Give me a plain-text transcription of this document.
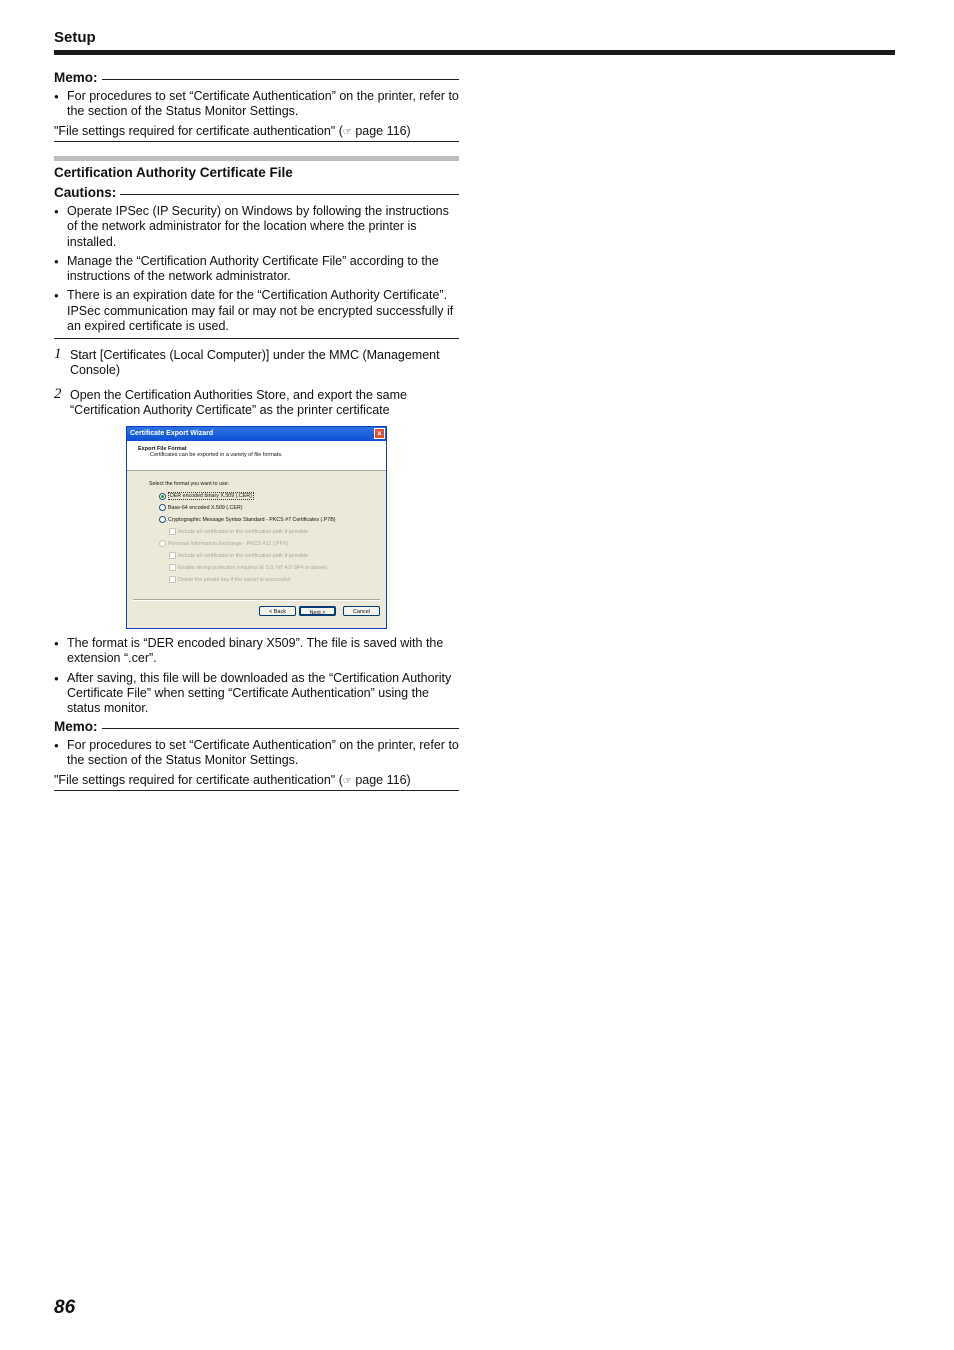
Setup
Memo:
● For procedures to set “Certificate Authentication” on the printer, refer to the section of the Status Monitor Settings.
"File settings required for certificate authentication" (☞ page 116)
Certification Authority Certificate File
Cautions:
● Operate IPSec (IP Security) on Windows by following the instructions of the network administrator for the location where the printer is installed.
● Manage the “Certification Authority Certificate File” according to the instructions of the network administrator.
● There is an expiration date for the “Certification Authority Certificate”. IPSec communication may fail or may not be encrypted successfully if an expired certificate is used.
1 Start [Certificates (Local Computer)] under the MMC (Management Console)
2 Open the Certification Authorities Store, and export the same “Certification Authority Certificate” as the printer certificate
Certificate Export Wizard	×
Export File Format
Certificates can be exported in a variety of file formats.
Select the format you want to use:
DER encoded binary X.509 (.CER)
Base-64 encoded X.509 (.CER)
Cryptographic Message Syntax Standard - PKCS #7 Certificates (.P7B)
Include all certificates in the certification path if possible
Personal Information Exchange - PKCS #12 (.PFX)
Include all certificates in the certification path if possible
Enable strong protection (requires IE 5.0, NT 4.0 SP4 or above)
Delete the private key if the export is successful
< Back	Next >	Cancel
● The format is “DER encoded binary X509”. The file is saved with the extension “.cer”.
● After saving, this file will be downloaded as the “Certification Authority Certificate File” when setting “Certificate Authentication” using the status monitor.
Memo:
● For procedures to set “Certificate Authentication” on the printer, refer to the section of the Status Monitor Settings.
"File settings required for certificate authentication" (☞ page 116)
86
